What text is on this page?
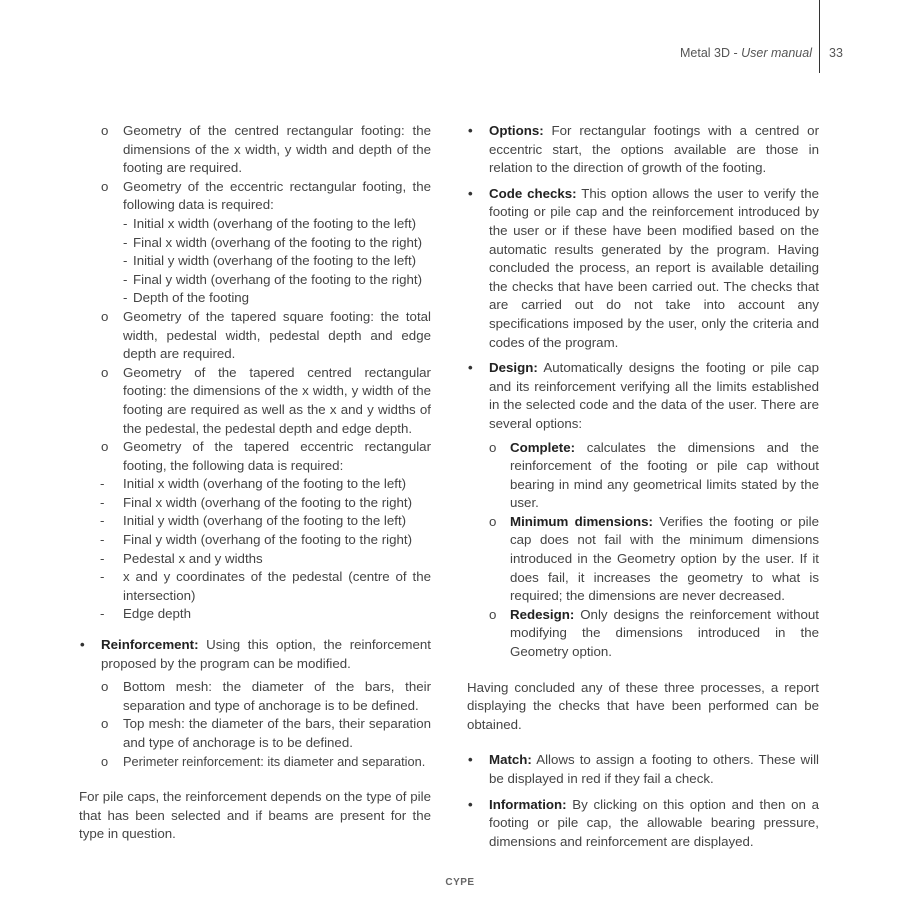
Metal 3D - User manual 33
o Geometry of the centred rectangular footing: the dimensions of the x width, y width and depth of the footing are required.
o Geometry of the eccentric rectangular footing, the following data is required:
- Initial x width (overhang of the footing to the left)
- Final x width (overhang of the footing to the right)
- Initial y width (overhang of the footing to the left)
- Final y width (overhang of the footing to the right)
- Depth of the footing
o Geometry of the tapered square footing: the total width, pedestal width, pedestal depth and edge depth are required.
o Geometry of the tapered centred rectangular footing: the dimensions of the x width, y width of the footing are required as well as the x and y widths of the pedestal, the pedestal depth and edge depth.
o Geometry of the tapered eccentric rectangular footing, the following data is required:
- Initial x width (overhang of the footing to the left)
- Final x width (overhang of the footing to the right)
- Initial y width (overhang of the footing to the left)
- Final y width (overhang of the footing to the right)
- Pedestal x and y widths
- x and y coordinates of the pedestal (centre of the intersection)
- Edge depth
• Reinforcement: Using this option, the reinforcement proposed by the program can be modified.
o Bottom mesh: the diameter of the bars, their separation and type of anchorage is to be defined.
o Top mesh: the diameter of the bars, their separation and type of anchorage is to be defined.
o Perimeter reinforcement: its diameter and separation.

For pile caps, the reinforcement depends on the type of pile that has been selected and if beams are present for the type in question.

• Options: For rectangular footings with a centred or eccentric start, the options available are those in relation to the direction of growth of the footing.
• Code checks: This option allows the user to verify the footing or pile cap and the reinforcement introduced by the user or if these have been modified based on the automatic results generated by the program. Having concluded the process, an report is available detailing the checks that have been carried out. The checks that are carried out do not take into account any specifications imposed by the user, only the criteria and codes of the program.
• Design: Automatically designs the footing or pile cap and its reinforcement verifying all the limits established in the selected code and the data of the user. There are several options:
o Complete: calculates the dimensions and the reinforcement of the footing or pile cap without bearing in mind any geometrical limits stated by the user.
o Minimum dimensions: Verifies the footing or pile cap does not fail with the minimum dimensions introduced in the Geometry option by the user. If it does fail, it increases the geometry to what is required; the dimensions are never decreased.
o Redesign: Only designs the reinforcement without modifying the dimensions introduced in the Geometry option.

Having concluded any of these three processes, a report displaying the checks that have been performed can be obtained.

• Match: Allows to assign a footing to others. These will be displayed in red if they fail a check.
• Information: By clicking on this option and then on a footing or pile cap, the allowable bearing pressure, dimensions and reinforcement are displayed.
CYPE
